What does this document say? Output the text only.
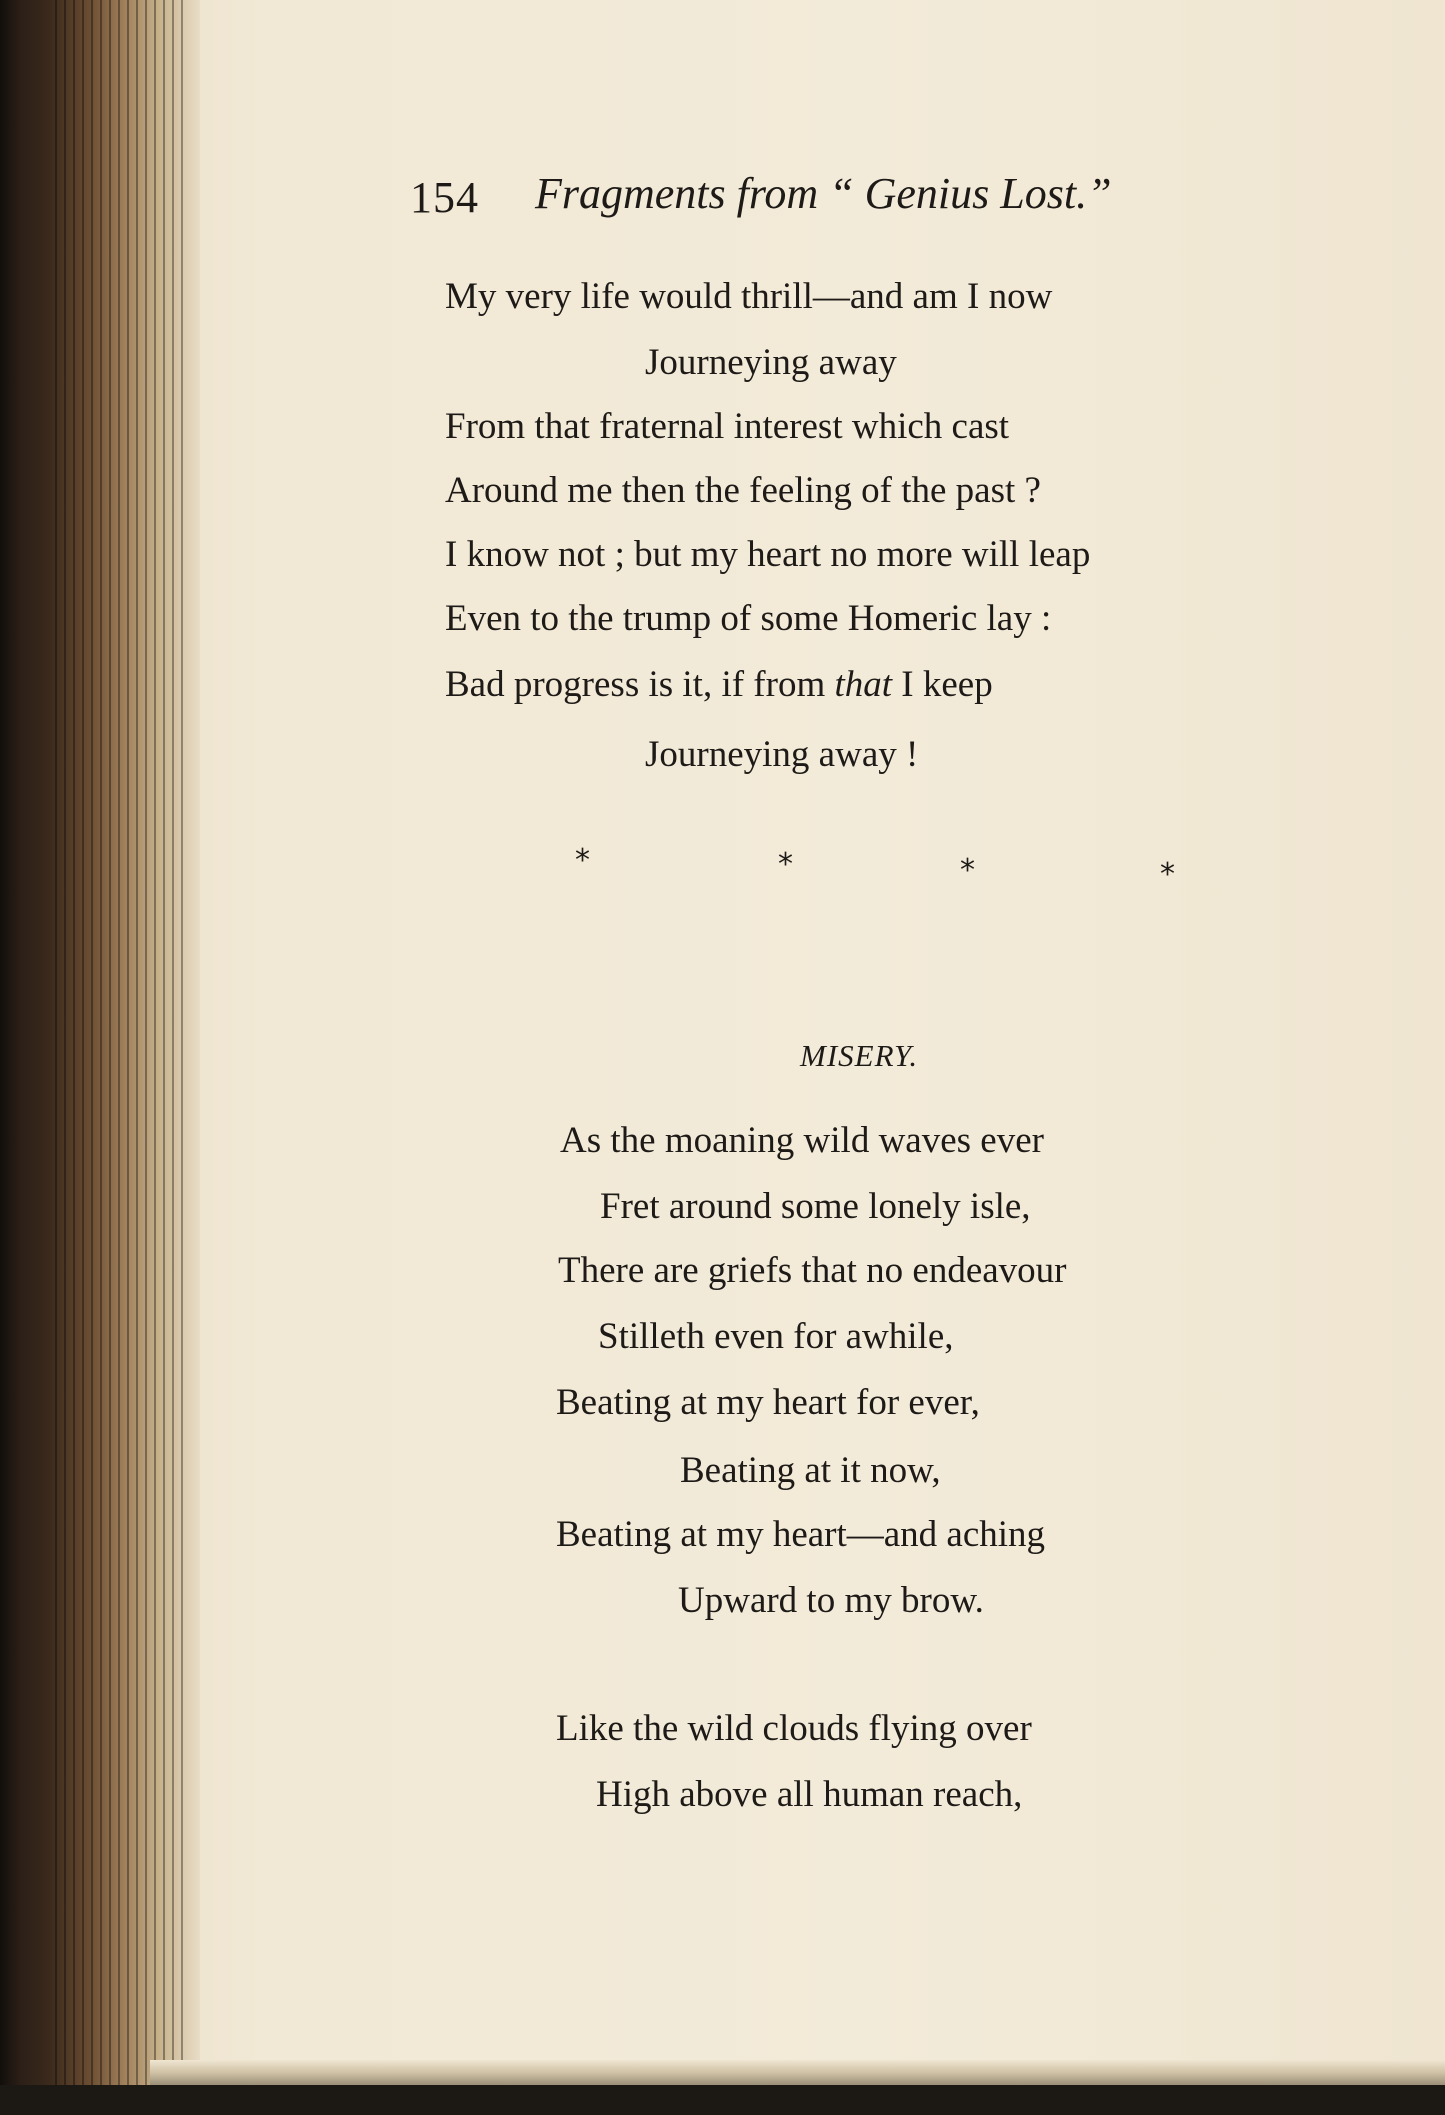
154 Fragments from “ Genius Lost.”
My very life would thrill—and am I now
Journeying away
From that fraternal interest which cast
Around me then the feeling of the past ?
I know not ; but my heart no more will leap
Even to the trump of some Homeric lay :
Bad progress is it, if from that I keep
Journeying away !
*	*	*	*
MISERY.
As the moaning wild waves ever
Fret around some lonely isle,
There are griefs that no endeavour
Stilleth even for awhile,
Beating at my heart for ever,
Beating at it now,
Beating at my heart—and aching
Upward to my brow.
Like the wild clouds flying over
High above all human reach,
